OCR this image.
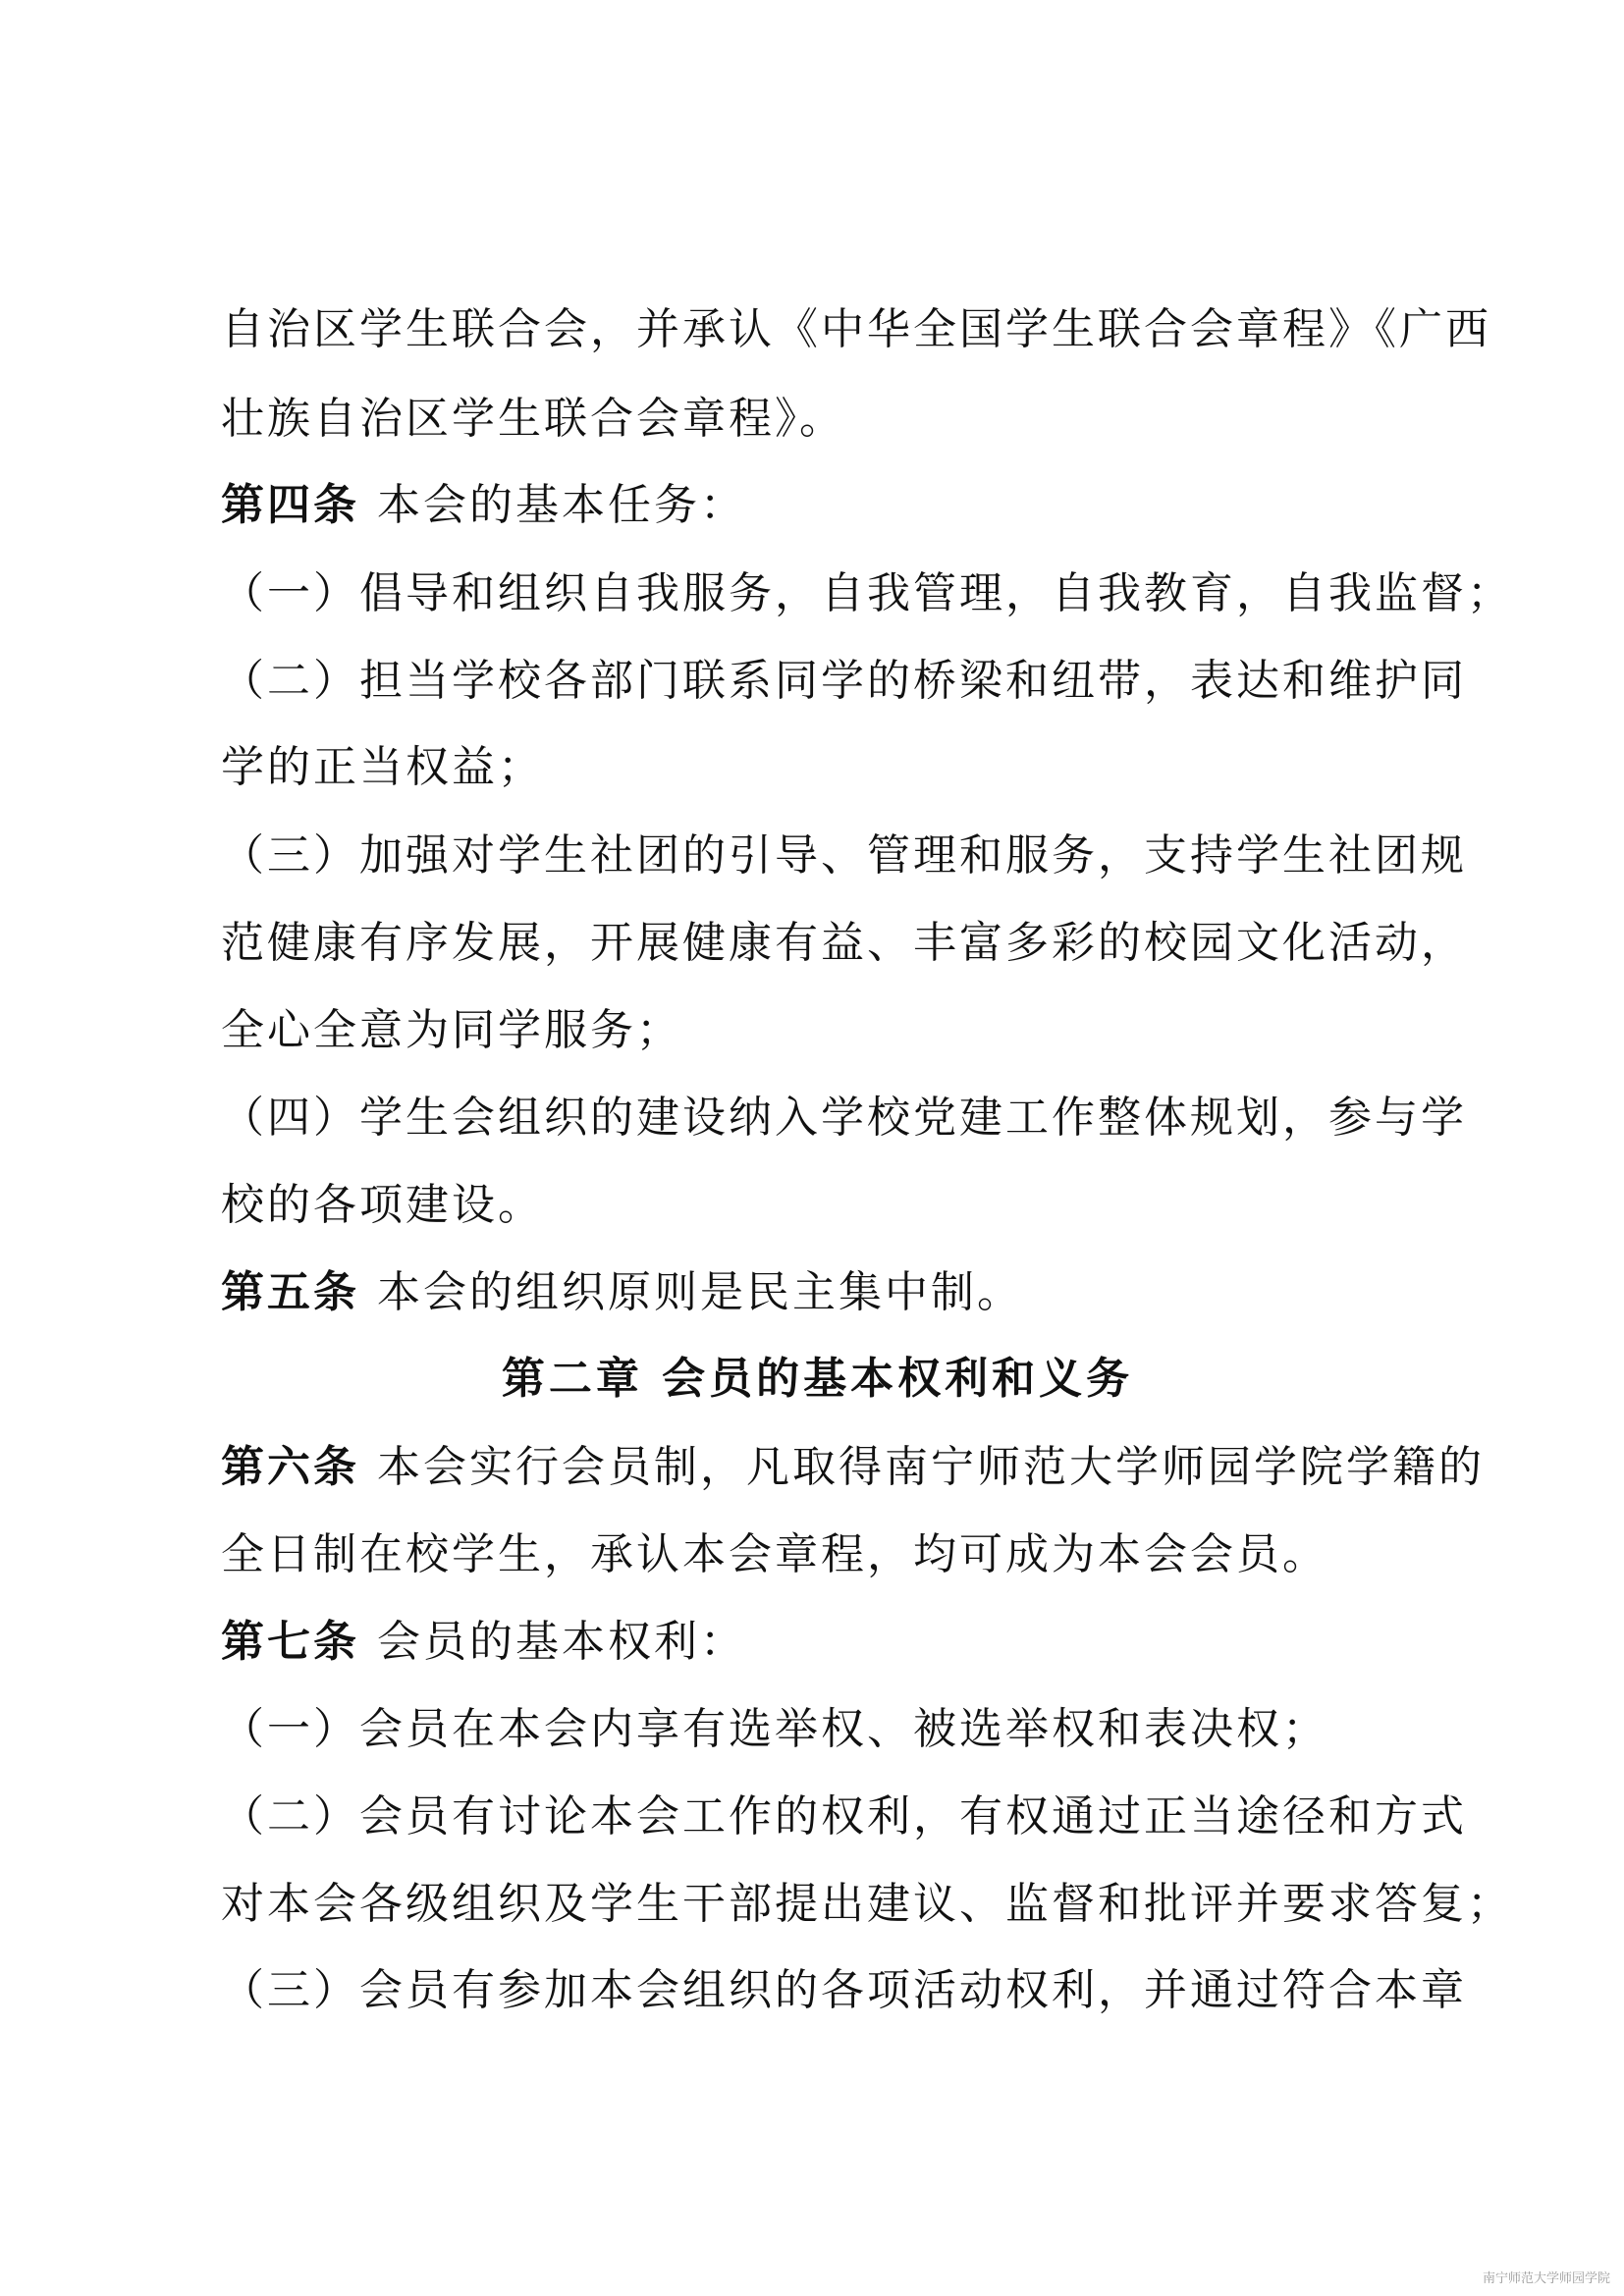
自治区学生联合会，并承认《中华全国学生联合会章程》《广西
壮族自治区学生联合会章程》。
第四条 本会的基本任务：
（一）倡导和组织自我服务，自我管理，自我教育，自我监督；
（二）担当学校各部门联系同学的桥梁和纽带，表达和维护同
学的正当权益；
（三）加强对学生社团的引导、管理和服务，支持学生社团规
范健康有序发展，开展健康有益、丰富多彩的校园文化活动，
全心全意为同学服务；
（四）学生会组织的建设纳入学校党建工作整体规划，参与学
校的各项建设。
第五条 本会的组织原则是民主集中制。
第二章 会员的基本权利和义务
第六条 本会实行会员制，凡取得南宁师范大学师园学院学籍的
全日制在校学生，承认本会章程，均可成为本会会员。
第七条 会员的基本权利：
（一）会员在本会内享有选举权、被选举权和表决权；
（二）会员有讨论本会工作的权利，有权通过正当途径和方式
对本会各级组织及学生干部提出建议、监督和批评并要求答复；
（三）会员有参加本会组织的各项活动权利，并通过符合本章
南宁师范大学师园学院
